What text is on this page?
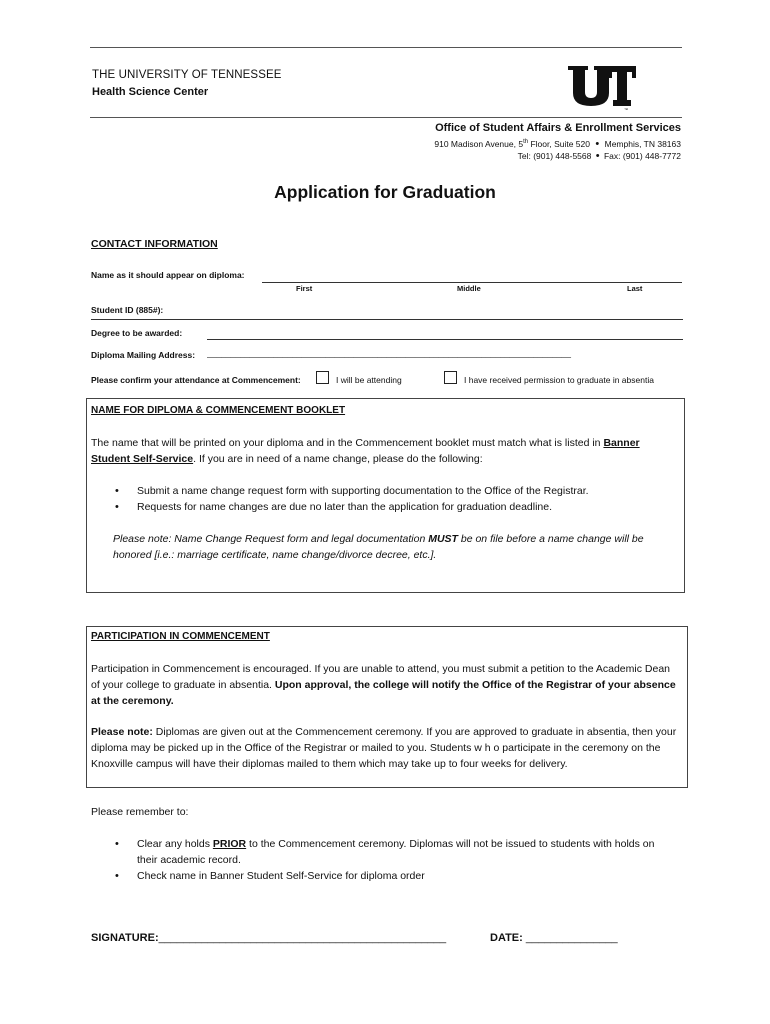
THE UNIVERSITY OF TENNESSEE
Health Science Center
™
Office of Student Affairs & Enrollment Services
910 Madison Avenue, 5th Floor, Suite 520 • Memphis, TN 38163
Tel: (901) 448-5568 • Fax: (901) 448-7772
Application for Graduation
CONTACT INFORMATION
Name as it should appear on diploma:
First	Middle	Last
Student ID (885#):
Degree to be awarded:
Diploma Mailing Address: _____________________________________________________________________________
Please confirm your attendance at Commencement:	I will be attending	I have received permission to graduate in absentia
NAME FOR DIPLOMA & COMMENCEMENT BOOKLET
The name that will be printed on your diploma and in the Commencement booklet must match what is listed in Banner Student Self-Service. If you are in need of a name change, please do the following:
• Submit a name change request form with supporting documentation to the Office of the Registrar.
• Requests for name changes are due no later than the application for graduation deadline.
Please note: Name Change Request form and legal documentation MUST be on file before a name change will be honored [i.e.: marriage certificate, name change/divorce decree, etc.].
PARTICIPATION IN COMMENCEMENT
Participation in Commencement is encouraged. If you are unable to attend, you must submit a petition to the Academic Dean of your college to graduate in absentia. Upon approval, the college will notify the Office of the Registrar of your absence at the ceremony.
Please note: Diplomas are given out at the Commencement ceremony. If you are approved to graduate in absentia, then your diploma may be picked up in the Office of the Registrar or mailed to you. Students w h o participate in the ceremony on the Knoxville campus will have their diplomas mailed to them which may take up to four weeks for delivery.
Please remember to:
• Clear any holds PRIOR to the Commencement ceremony. Diplomas will not be issued to students with holds on their academic record.
• Check name in Banner Student Self-Service for diploma order
SIGNATURE:_______________________________________________	DATE: _______________
